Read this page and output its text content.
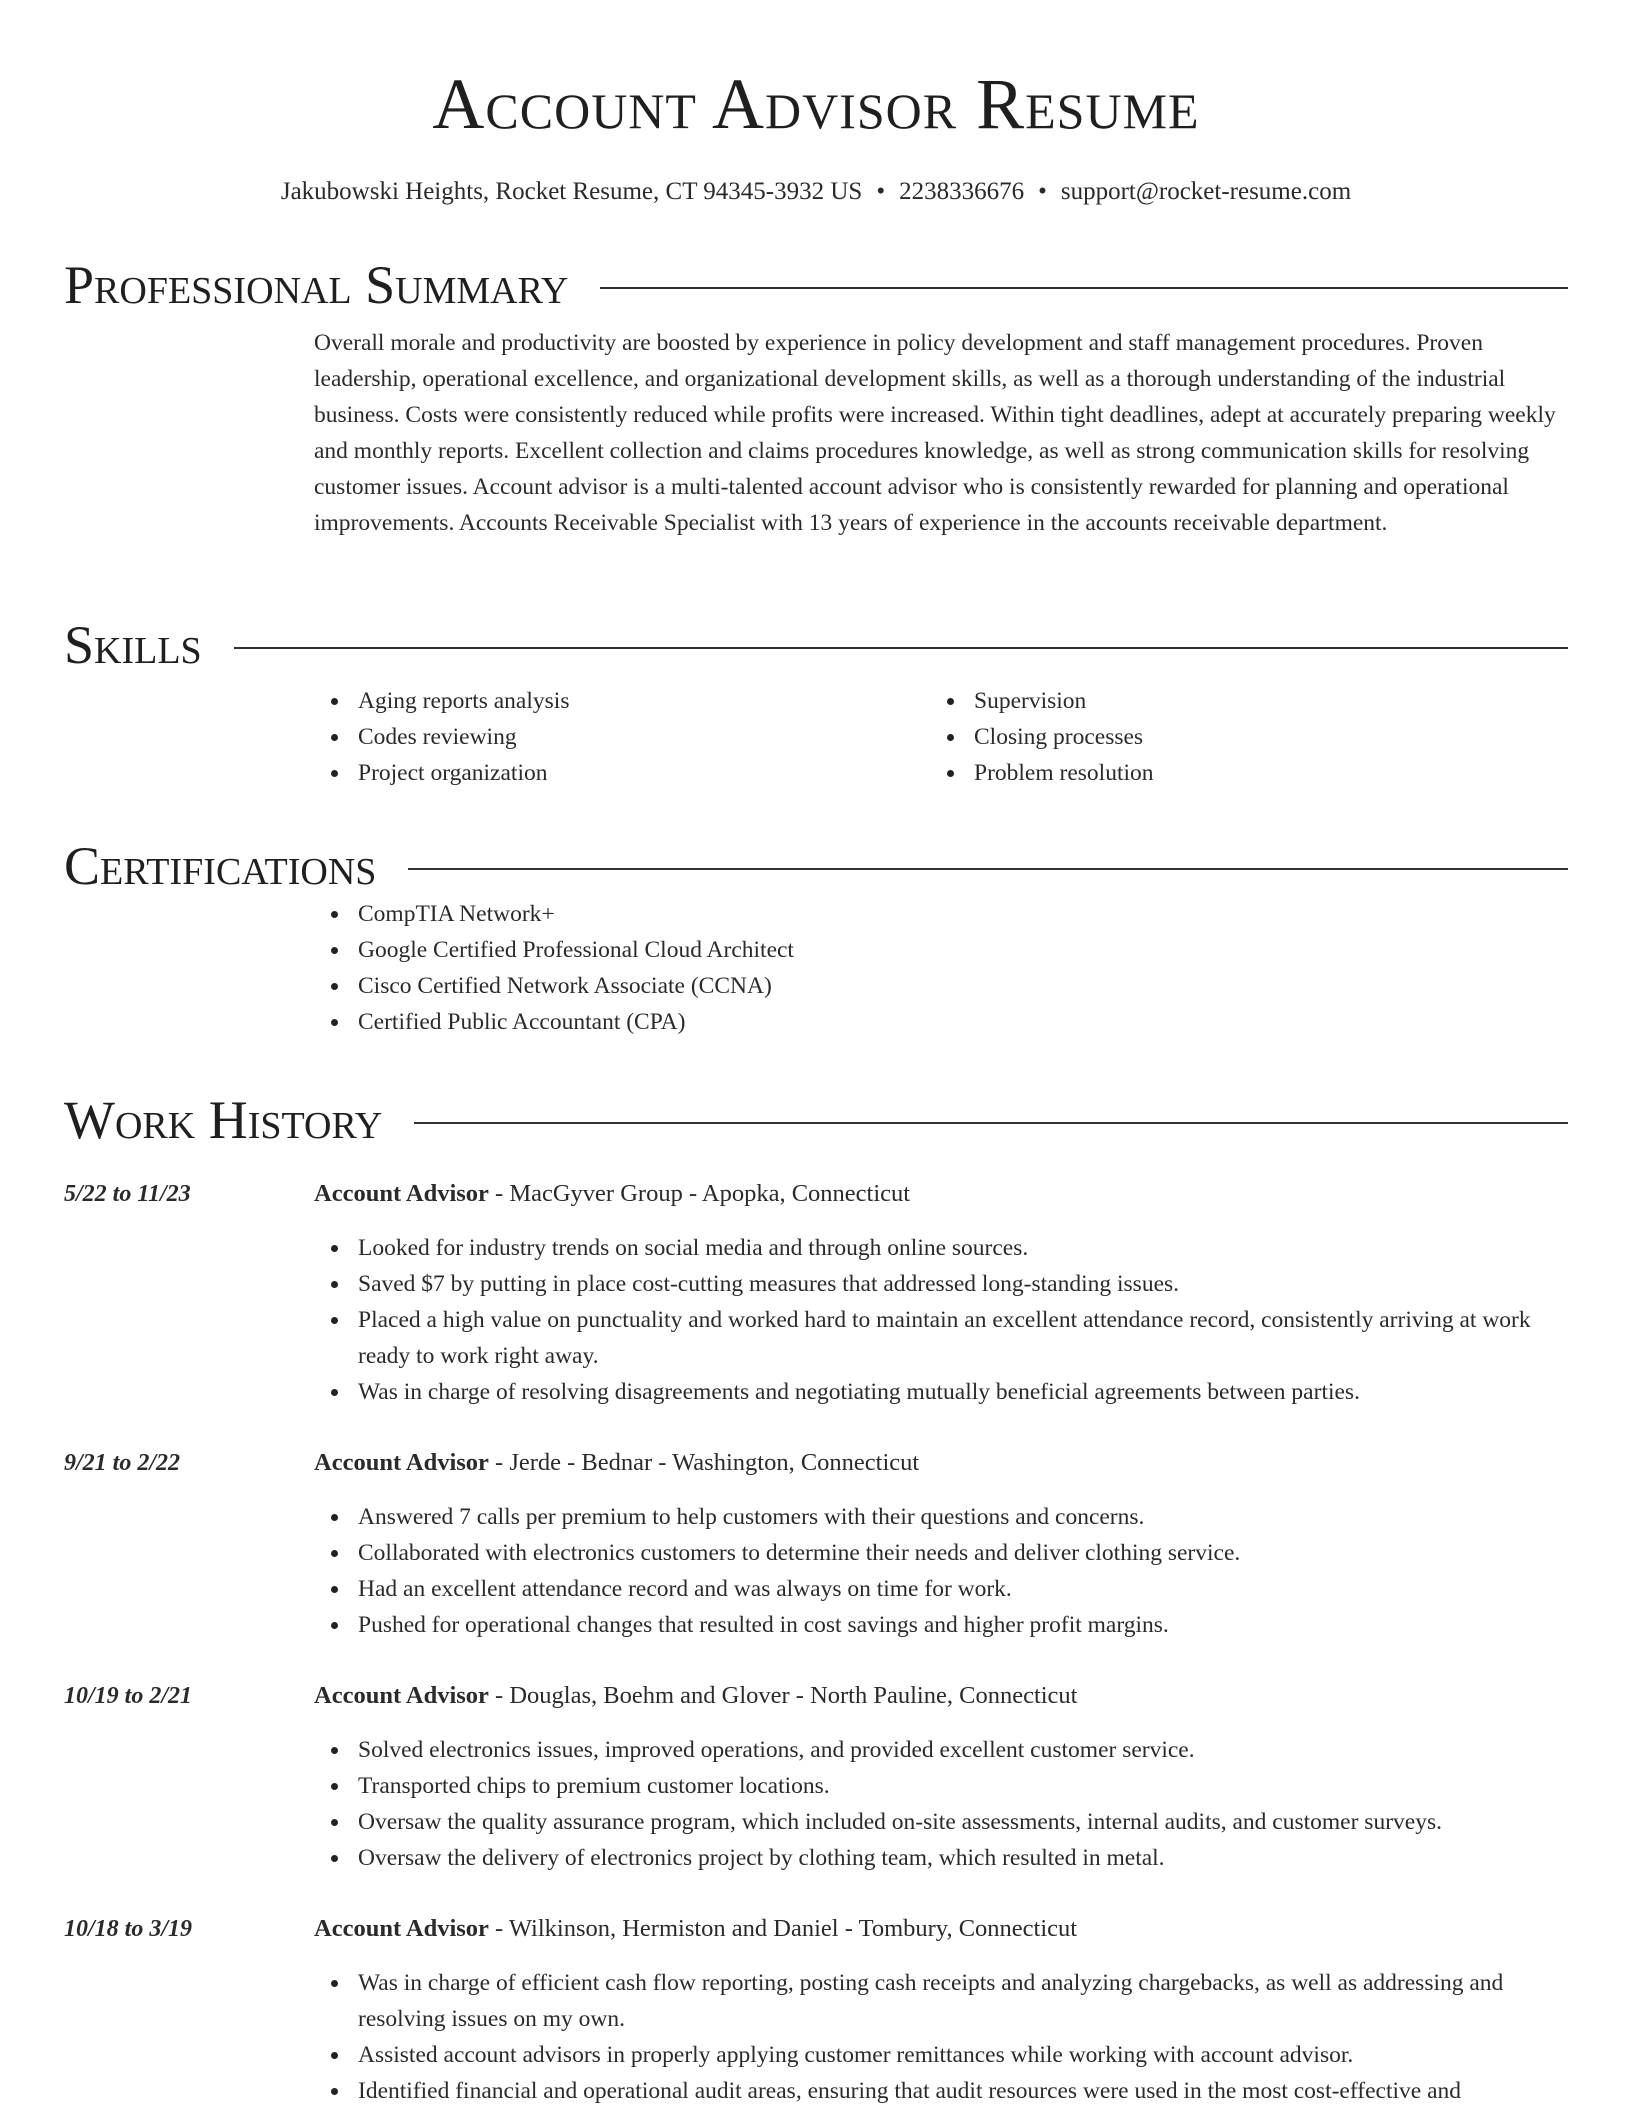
Account Advisor Resume
Jakubowski Heights, Rocket Resume, CT 94345-3932 US • 2238336676 • support@rocket-resume.com
Professional Summary

Overall morale and productivity are boosted by experience in policy development and staff management procedures. Proven leadership, operational excellence, and organizational development skills, as well as a thorough understanding of the industrial business. Costs were consistently reduced while profits were increased. Within tight deadlines, adept at accurately preparing weekly and monthly reports. Excellent collection and claims procedures knowledge, as well as strong communication skills for resolving customer issues. Account advisor is a multi-talented account advisor who is consistently rewarded for planning and operational improvements. Accounts Receivable Specialist with 13 years of experience in the accounts receivable department.

Skills
Aging reports analysis
Codes reviewing
Project organization
Supervision
Closing processes
Problem resolution
Certifications
CompTIA Network+
Google Certified Professional Cloud Architect
Cisco Certified Network Associate (CCNA)
Certified Public Accountant (CPA)
Work History
5/22 to 11/23	Account Advisor - MacGyver Group - Apopka, Connecticut
Looked for industry trends on social media and through online sources.
Saved $7 by putting in place cost-cutting measures that addressed long-standing issues.
Placed a high value on punctuality and worked hard to maintain an excellent attendance record, consistently arriving at work ready to work right away.
Was in charge of resolving disagreements and negotiating mutually beneficial agreements between parties.
9/21 to 2/22	Account Advisor - Jerde - Bednar - Washington, Connecticut
Answered 7 calls per premium to help customers with their questions and concerns.
Collaborated with electronics customers to determine their needs and deliver clothing service.
Had an excellent attendance record and was always on time for work.
Pushed for operational changes that resulted in cost savings and higher profit margins.
10/19 to 2/21	Account Advisor - Douglas, Boehm and Glover - North Pauline, Connecticut
Solved electronics issues, improved operations, and provided excellent customer service.
Transported chips to premium customer locations.
Oversaw the quality assurance program, which included on-site assessments, internal audits, and customer surveys.
Oversaw the delivery of electronics project by clothing team, which resulted in metal.
10/18 to 3/19	Account Advisor - Wilkinson, Hermiston and Daniel - Tombury, Connecticut
Was in charge of efficient cash flow reporting, posting cash receipts and analyzing chargebacks, as well as addressing and resolving issues on my own.
Assisted account advisors in properly applying customer remittances while working with account advisor.
Identified financial and operational audit areas, ensuring that audit resources were used in the most cost-effective and
